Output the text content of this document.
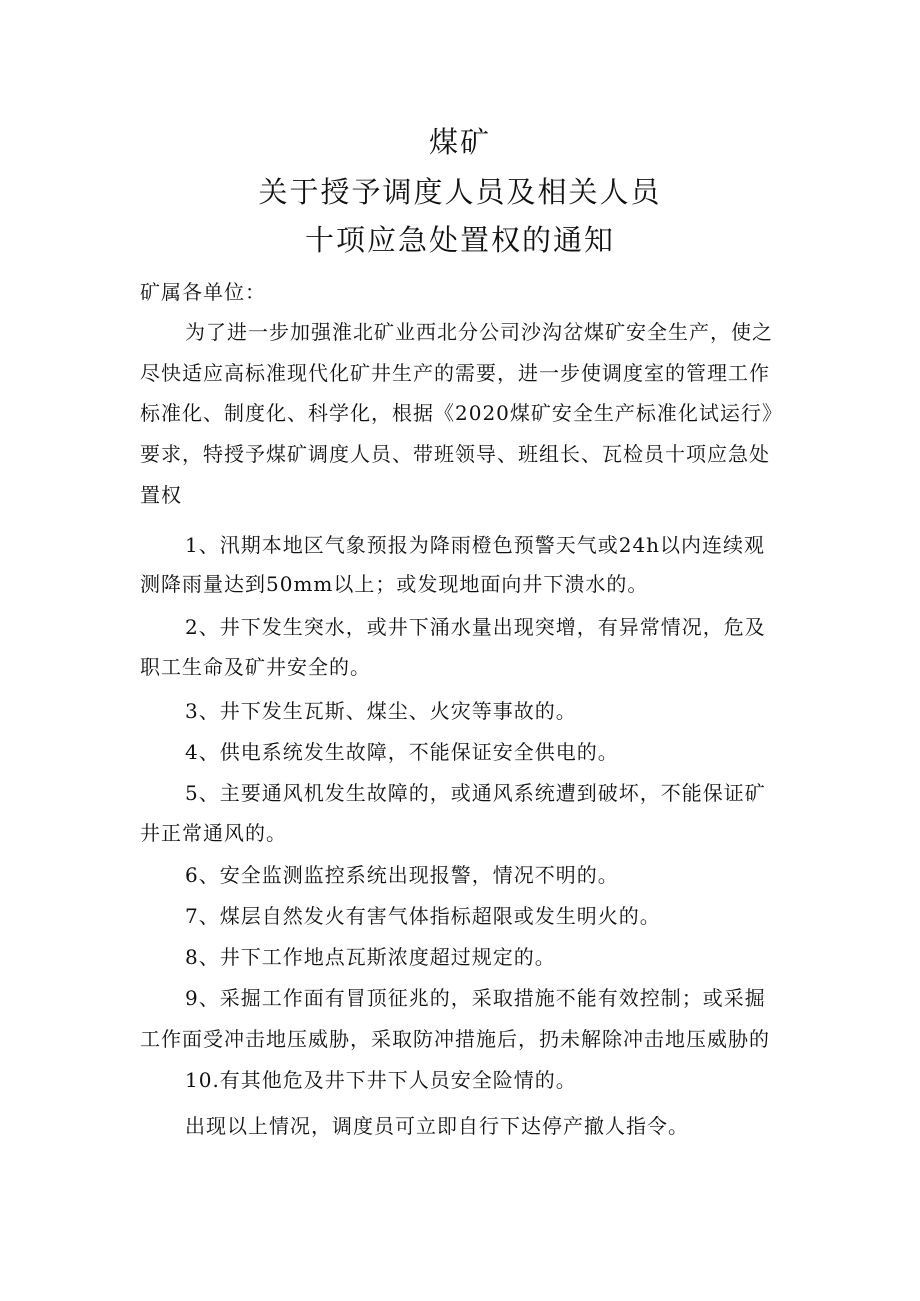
煤矿
关于授予调度人员及相关人员
十项应急处置权的通知
矿属各单位：
为了进一步加强淮北矿业西北分公司沙沟岔煤矿安全生产，使之
尽快适应高标准现代化矿井生产的需要，进一步使调度室的管理工作
标准化、制度化、科学化，根据《2020煤矿安全生产标准化试运行》
要求，特授予煤矿调度人员、带班领导、班组长、瓦检员十项应急处
置权
1、汛期本地区气象预报为降雨橙色预警天气或24h以内连续观
测降雨量达到50mm以上；或发现地面向井下溃水的。
2、井下发生突水，或井下涌水量出现突增，有异常情况，危及
职工生命及矿井安全的。
3、井下发生瓦斯、煤尘、火灾等事故的。
4、供电系统发生故障，不能保证安全供电的。
5、主要通风机发生故障的，或通风系统遭到破坏，不能保证矿
井正常通风的。
6、安全监测监控系统出现报警，情况不明的。
7、煤层自然发火有害气体指标超限或发生明火的。
8、井下工作地点瓦斯浓度超过规定的。
9、采掘工作面有冒顶征兆的，采取措施不能有效控制；或采掘
工作面受冲击地压威胁，采取防冲措施后，扔未解除冲击地压威胁的
10.有其他危及井下井下人员安全险情的。
出现以上情况，调度员可立即自行下达停产撤人指令。
